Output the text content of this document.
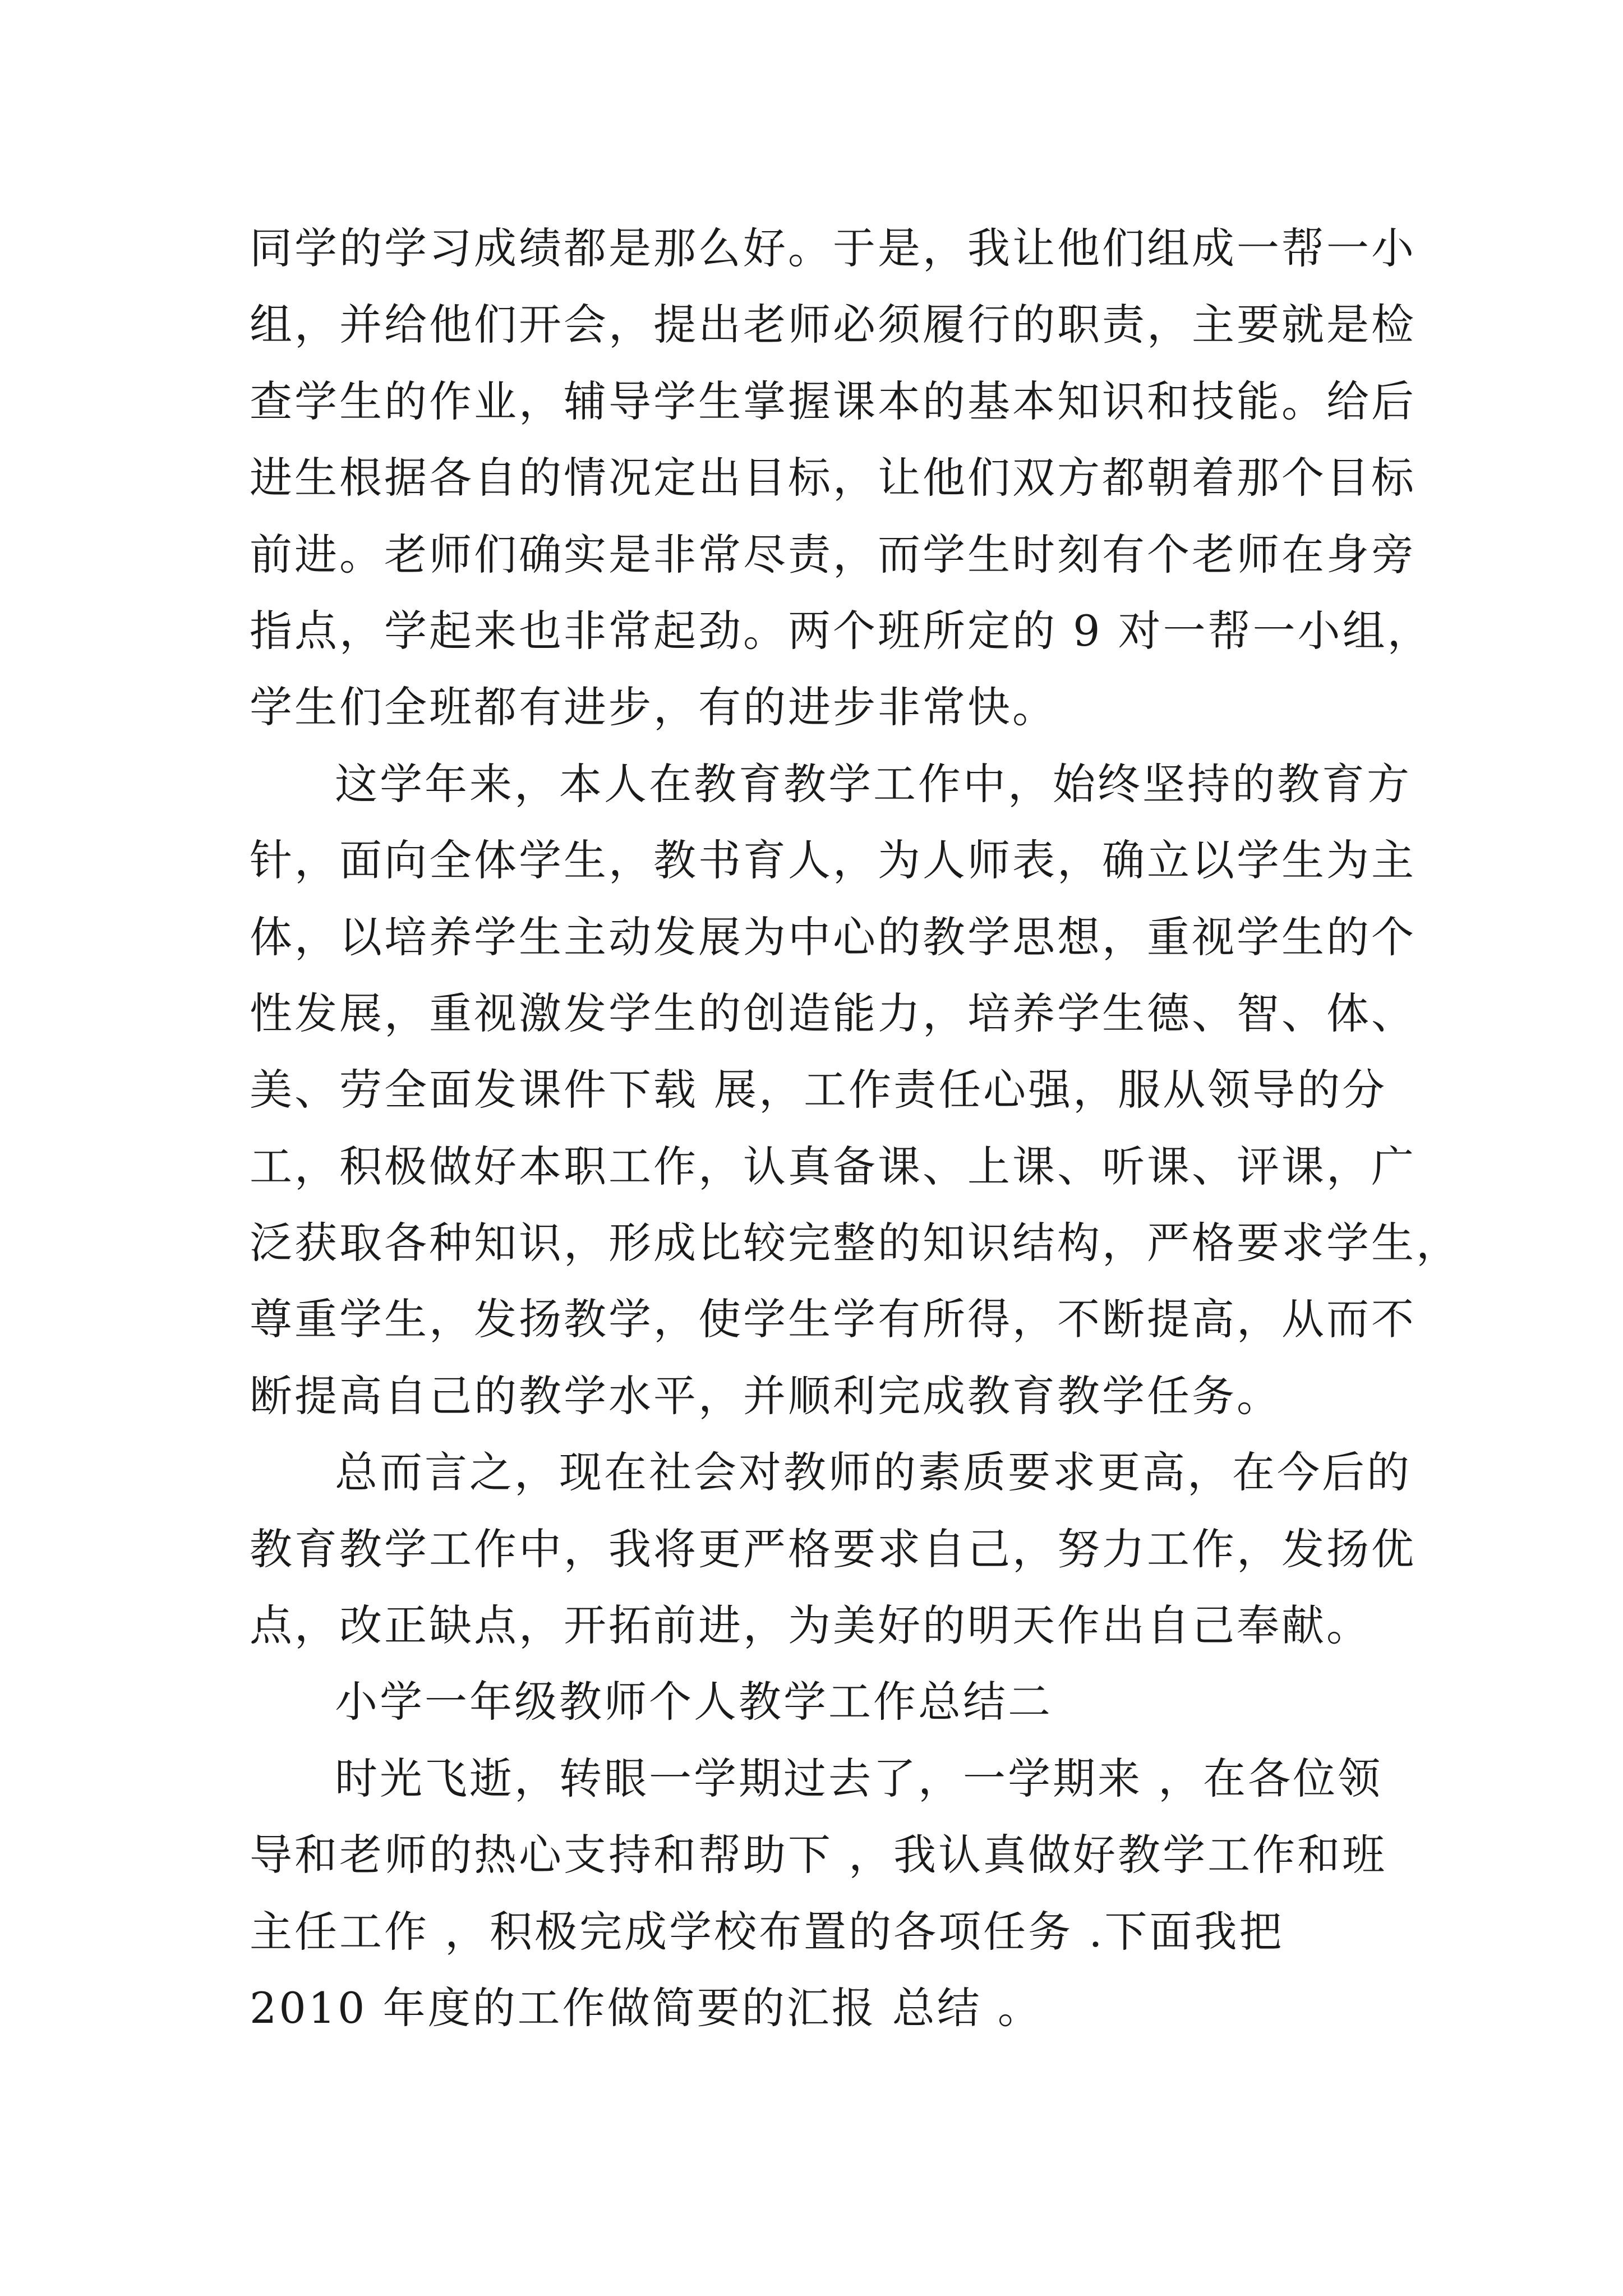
同学的学习成绩都是那么好。于是，我让他们组成一帮一小
组，并给他们开会，提出老师必须履行的职责，主要就是检
查学生的作业，辅导学生掌握课本的基本知识和技能。给后
进生根据各自的情况定出目标，让他们双方都朝着那个目标
前进。老师们确实是非常尽责，而学生时刻有个老师在身旁
指点，学起来也非常起劲。两个班所定的 9 对一帮一小组，
学生们全班都有进步，有的进步非常快。
这学年来，本人在教育教学工作中，始终坚持的教育方
针，面向全体学生，教书育人，为人师表，确立以学生为主
体，以培养学生主动发展为中心的教学思想，重视学生的个
性发展，重视激发学生的创造能力，培养学生德、智、体、
美、劳全面发课件下载 展，工作责任心强，服从领导的分
工，积极做好本职工作，认真备课、上课、听课、评课，广
泛获取各种知识，形成比较完整的知识结构，严格要求学生，
尊重学生，发扬教学，使学生学有所得，不断提高，从而不
断提高自己的教学水平，并顺利完成教育教学任务。
总而言之，现在社会对教师的素质要求更高，在今后的
教育教学工作中，我将更严格要求自己，努力工作，发扬优
点，改正缺点，开拓前进，为美好的明天作出自己奉献。
小学一年级教师个人教学工作总结二
时光飞逝，转眼一学期过去了，一学期来 ，在各位领
导和老师的热心支持和帮助下 ，我认真做好教学工作和班
主任工作 ，积极完成学校布置的各项任务 .下面我把
2010 年度的工作做简要的汇报 总结 。
